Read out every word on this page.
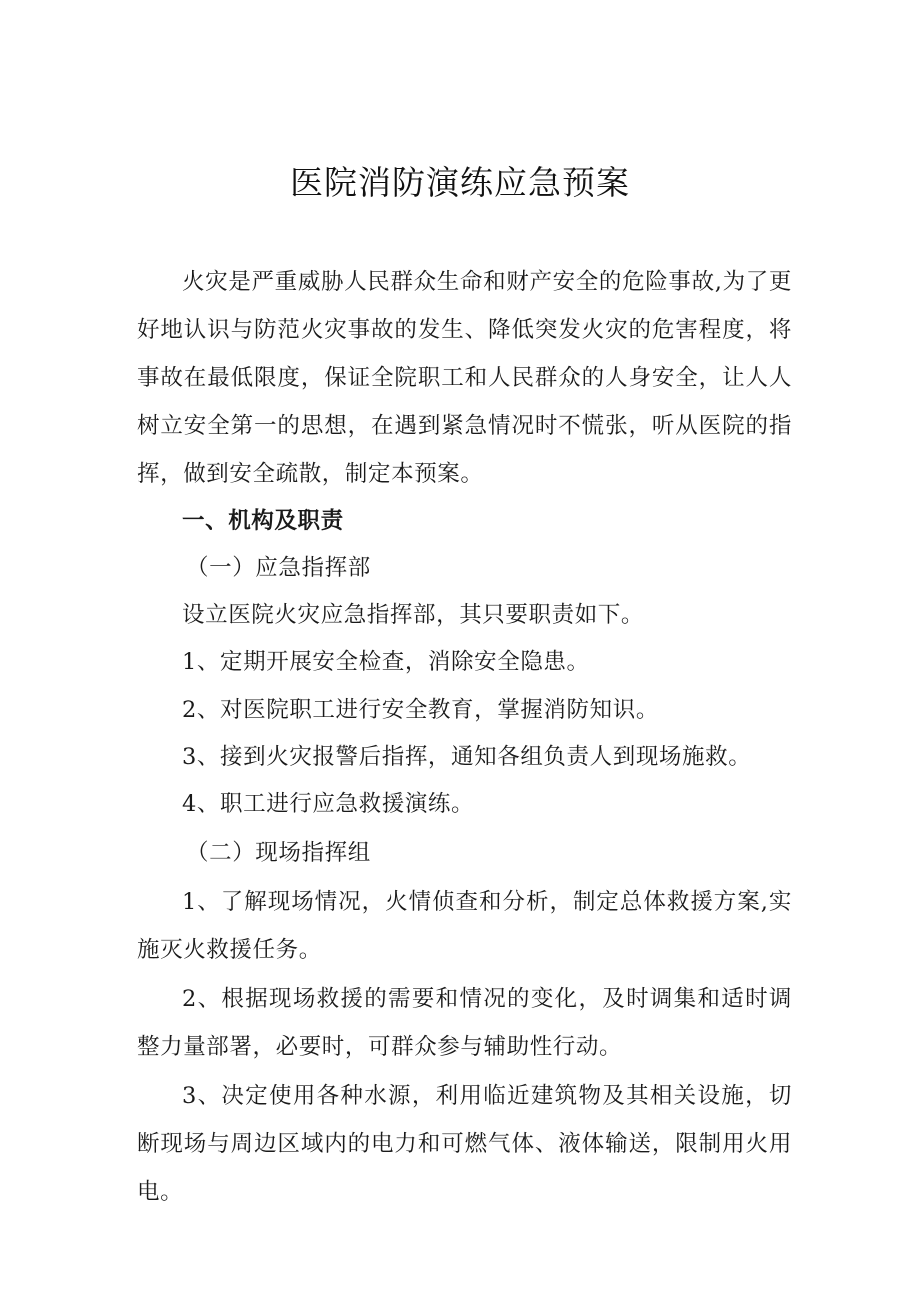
医院消防演练应急预案

火灾是严重威胁人民群众生命和财产安全的危险事故,为了更好地认识与防范火灾事故的发生、降低突发火灾的危害程度，将事故在最低限度，保证全院职工和人民群众的人身安全，让人人树立安全第一的思想，在遇到紧急情况时不慌张，听从医院的指挥，做到安全疏散，制定本预案。

一、机构及职责
（一）应急指挥部
设立医院火灾应急指挥部，其只要职责如下。
1、定期开展安全检查，消除安全隐患。
2、对医院职工进行安全教育，掌握消防知识。
3、接到火灾报警后指挥，通知各组负责人到现场施救。
4、职工进行应急救援演练。
（二）现场指挥组

1、了解现场情况，火情侦查和分析，制定总体救援方案,实施灭火救援任务。

2、根据现场救援的需要和情况的变化，及时调集和适时调整力量部署，必要时，可群众参与辅助性行动。

3、决定使用各种水源，利用临近建筑物及其相关设施，切断现场与周边区域内的电力和可燃气体、液体输送，限制用火用电。
